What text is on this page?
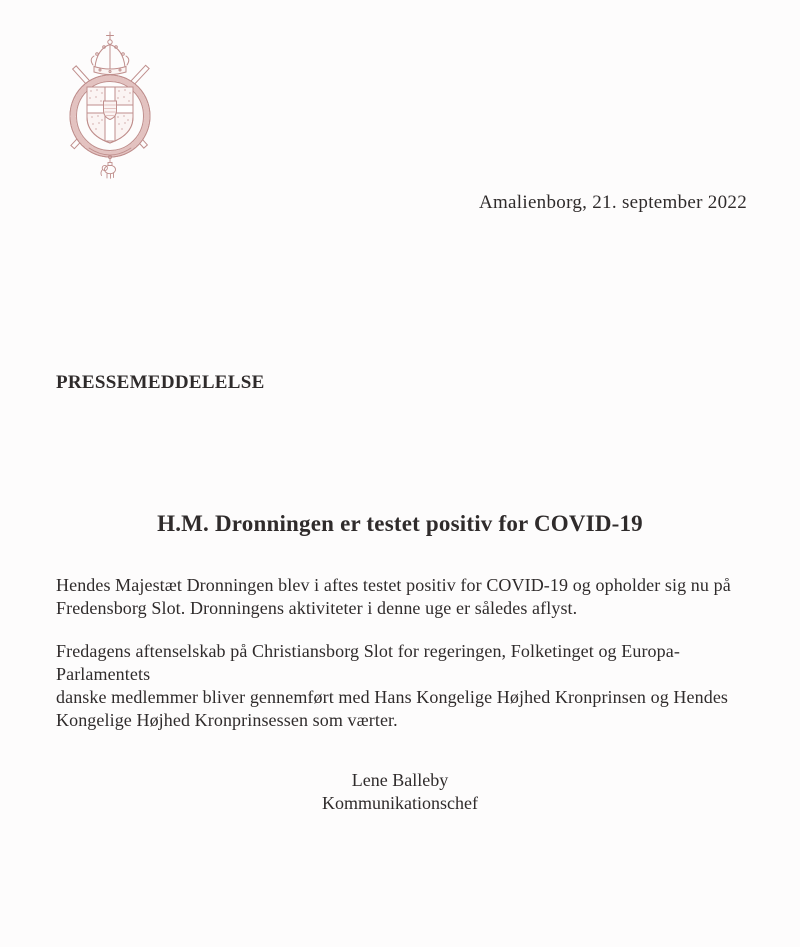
Amalienborg, 21. september 2022
PRESSEMEDDELELSE
H.M. Dronningen er testet positiv for COVID-19
Hendes Majestæt Dronningen blev i aftes testet positiv for COVID-19 og opholder sig nu på
Fredensborg Slot. Dronningens aktiviteter i denne uge er således aflyst.
Fredagens aftenselskab på Christiansborg Slot for regeringen, Folketinget og Europa-Parlamentets
danske medlemmer bliver gennemført med Hans Kongelige Højhed Kronprinsen og Hendes
Kongelige Højhed Kronprinsessen som værter.
Lene Balleby
Kommunikationschef
